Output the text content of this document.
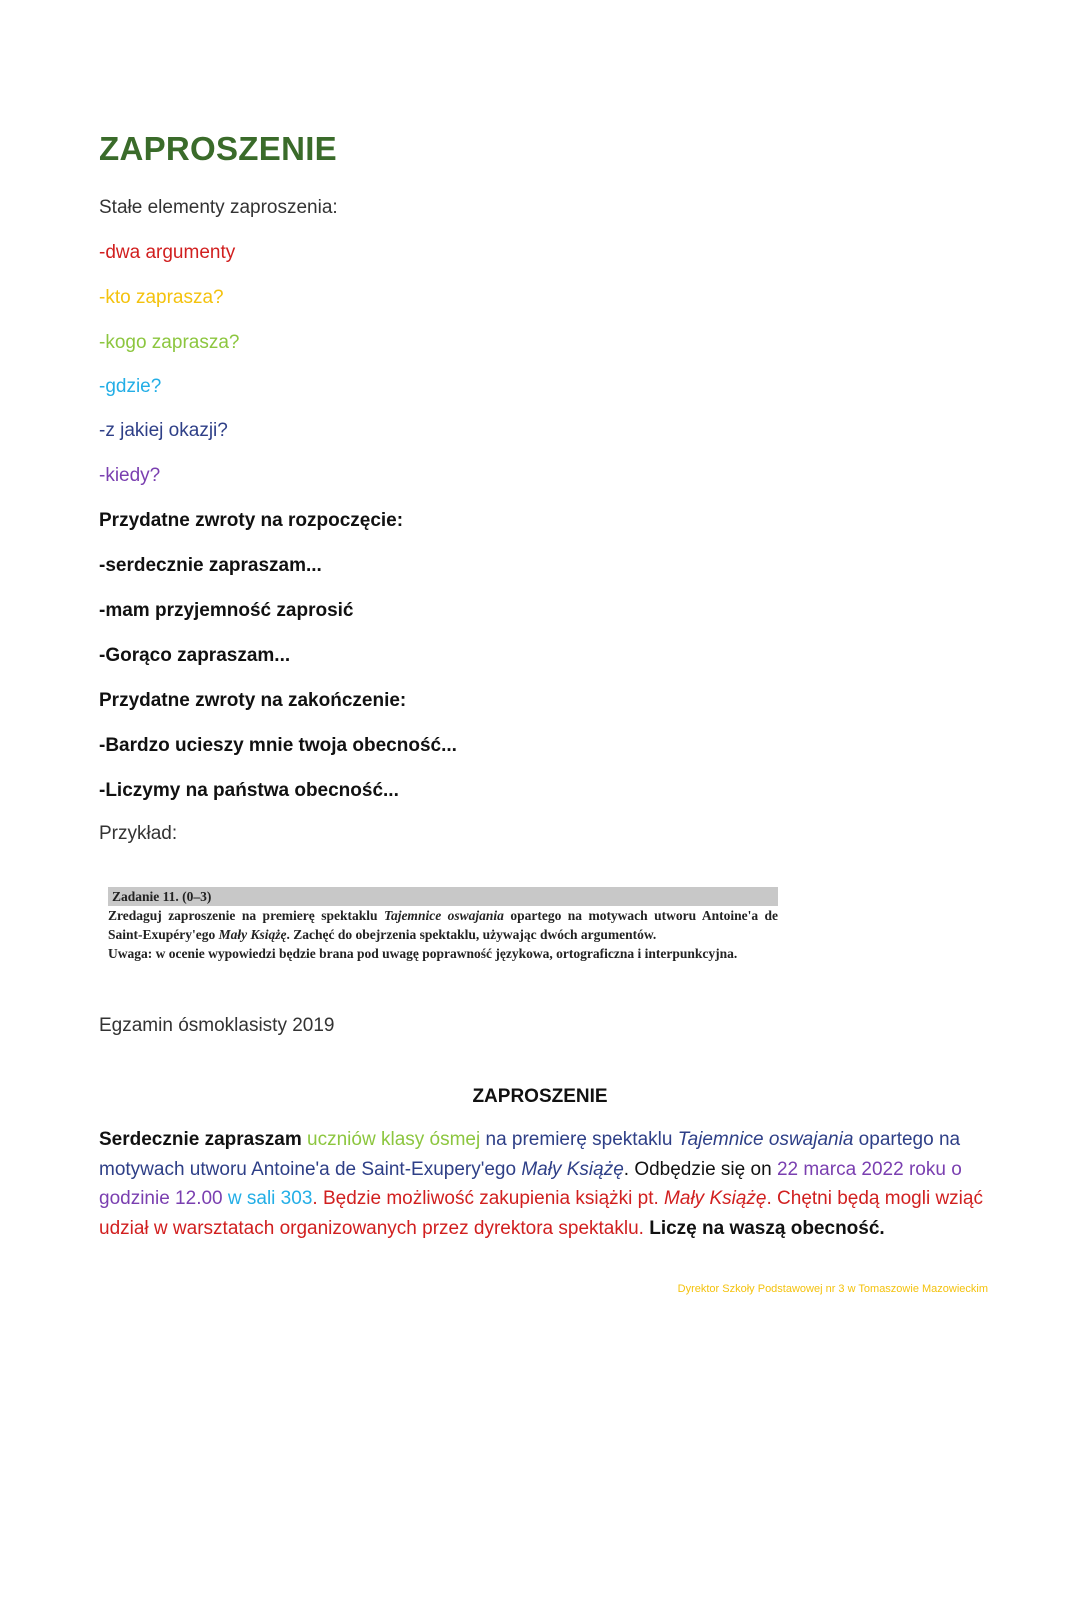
ZAPROSZENIE

Stałe elementy zaproszenia:

-dwa argumenty

-kto zaprasza?

-kogo zaprasza?

-gdzie?

-z jakiej okazji?

-kiedy?

Przydatne zwroty na rozpoczęcie:

-serdecznie zapraszam...

-mam przyjemność zaprosić

-Gorąco zapraszam...

Przydatne zwroty na zakończenie:

-Bardzo ucieszy mnie twoja obecność...

-Liczymy na państwa obecność...

Przykład:

Zadanie 11. (0–3)

Zredaguj zaproszenie na premierę spektaklu Tajemnice oswajania opartego na motywach utworu Antoine'a de Saint-Exupéry'ego Mały Książę. Zachęć do obejrzenia spektaklu, używając dwóch argumentów.

Uwaga: w ocenie wypowiedzi będzie brana pod uwagę poprawność językowa, ortograficzna i interpunkcyjna.

Egzamin ósmoklasisty 2019

ZAPROSZENIE

Serdecznie zapraszam uczniów klasy ósmej na premierę spektaklu Tajemnice oswajania opartego na motywach utworu Antoine'a de Saint-Exupery'ego Mały Książę. Odbędzie się on 22 marca 2022 roku o godzinie 12.00 w sali 303. Będzie możliwość zakupienia książki pt. Mały Książę. Chętni będą mogli wziąć udział w warsztatach organizowanych przez dyrektora spektaklu. Liczę na waszą obecność.

Dyrektor Szkoły Podstawowej nr 3 w Tomaszowie Mazowieckim
